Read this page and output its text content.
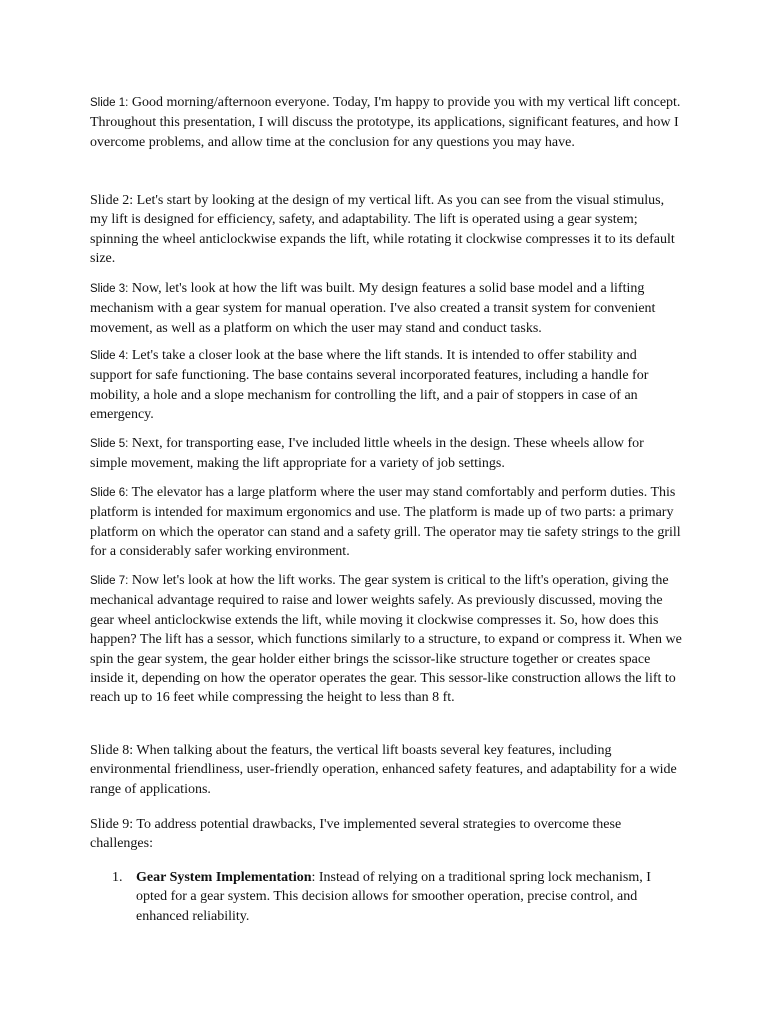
Slide 1: Good morning/afternoon everyone. Today, I'm happy to provide you with my vertical lift concept. Throughout this presentation, I will discuss the prototype, its applications, significant features, and how I overcome problems, and allow time at the conclusion for any questions you may have.

Slide 2: Let's start by looking at the design of my vertical lift. As you can see from the visual stimulus, my lift is designed for efficiency, safety, and adaptability. The lift is operated using a gear system; spinning the wheel anticlockwise expands the lift, while rotating it clockwise compresses it to its default size.

Slide 3: Now, let's look at how the lift was built. My design features a solid base model and a lifting mechanism with a gear system for manual operation. I've also created a transit system for convenient movement, as well as a platform on which the user may stand and conduct tasks.

Slide 4: Let's take a closer look at the base where the lift stands. It is intended to offer stability and support for safe functioning. The base contains several incorporated features, including a handle for mobility, a hole and a slope mechanism for controlling the lift, and a pair of stoppers in case of an emergency.

Slide 5: Next, for transporting ease, I've included little wheels in the design. These wheels allow for simple movement, making the lift appropriate for a variety of job settings.

Slide 6: The elevator has a large platform where the user may stand comfortably and perform duties. This platform is intended for maximum ergonomics and use. The platform is made up of two parts: a primary platform on which the operator can stand and a safety grill. The operator may tie safety strings to the grill for a considerably safer working environment.

Slide 7: Now let's look at how the lift works. The gear system is critical to the lift's operation, giving the mechanical advantage required to raise and lower weights safely. As previously discussed, moving the gear wheel anticlockwise extends the lift, while moving it clockwise compresses it. So, how does this happen? The lift has a sessor, which functions similarly to a structure, to expand or compress it. When we spin the gear system, the gear holder either brings the scissor-like structure together or creates space inside it, depending on how the operator operates the gear. This sessor-like construction allows the lift to reach up to 16 feet while compressing the height to less than 8 ft.

Slide 8: When talking about the featurs, the vertical lift boasts several key features, including environmental friendliness, user-friendly operation, enhanced safety features, and adaptability for a wide range of applications.

Slide 9: To address potential drawbacks, I've implemented several strategies to overcome these challenges:

1. Gear System Implementation: Instead of relying on a traditional spring lock mechanism, I opted for a gear system. This decision allows for smoother operation, precise control, and enhanced reliability.
